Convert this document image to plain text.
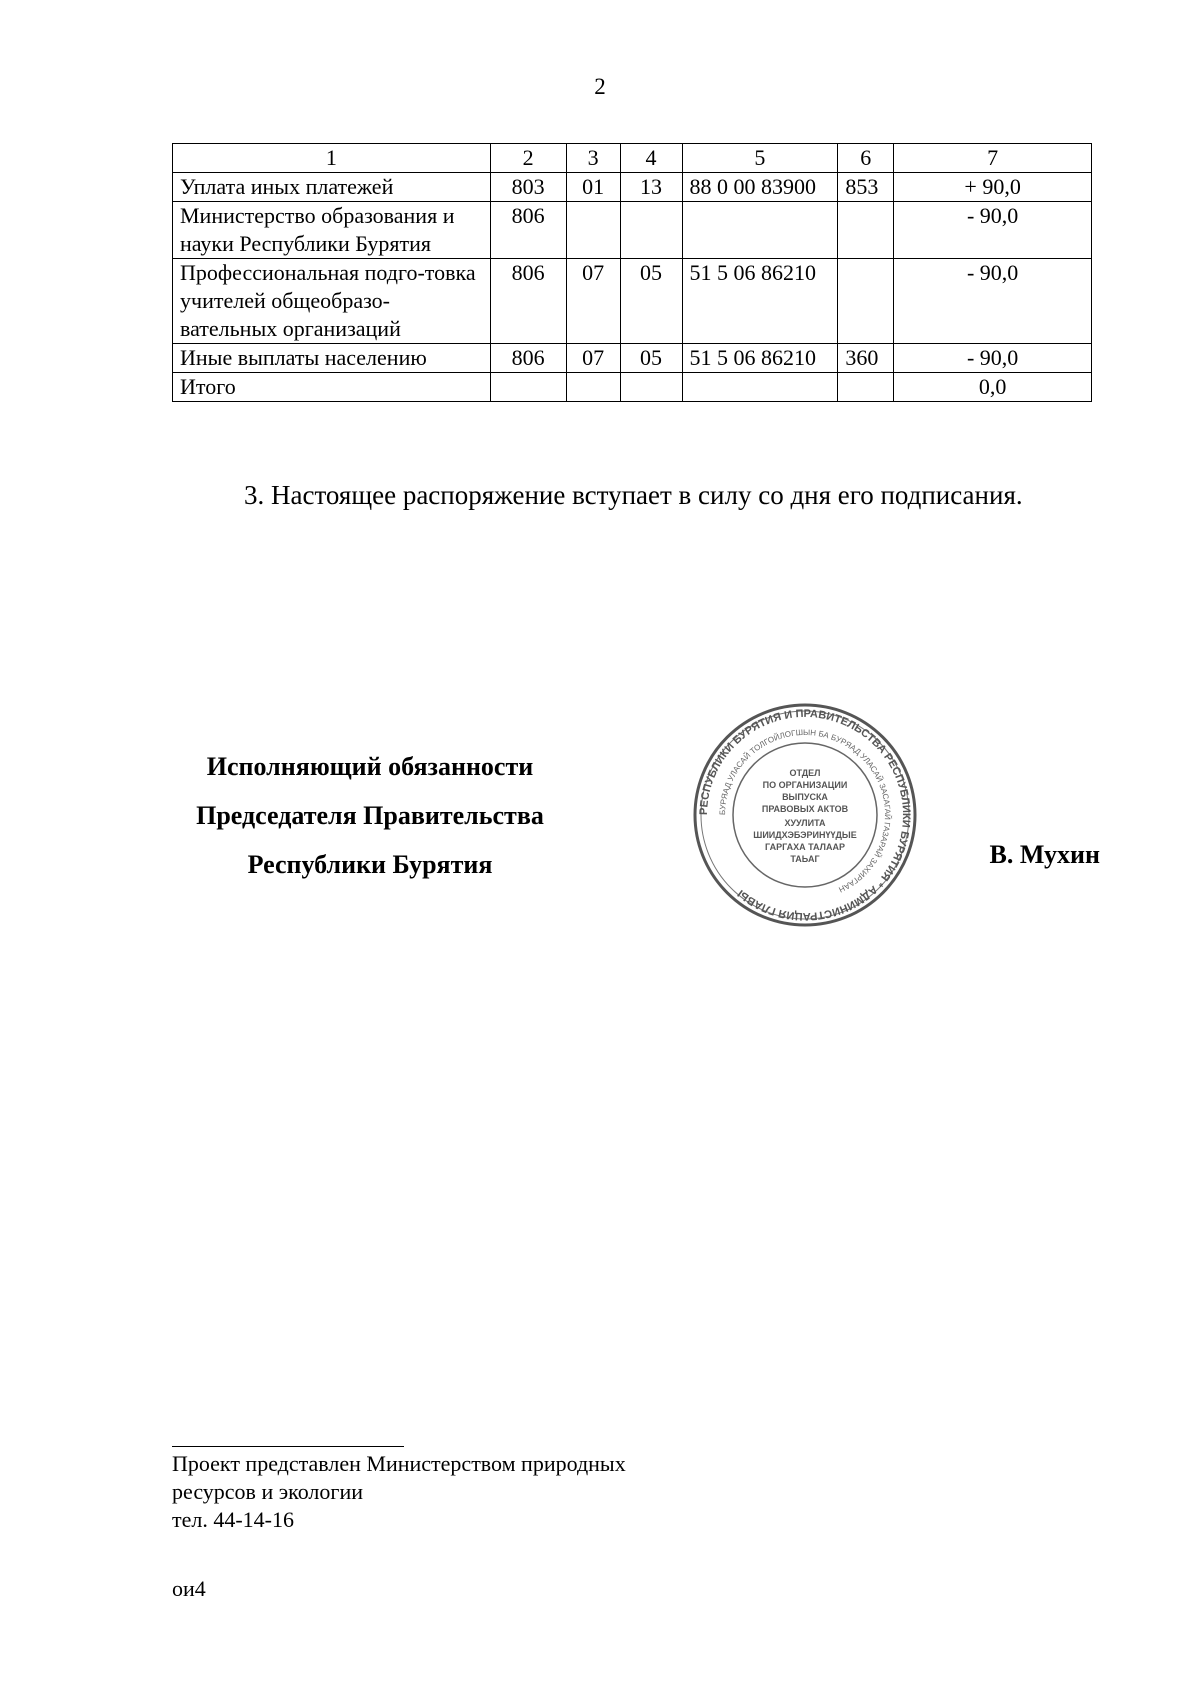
2
1	2	3	4	5	6	7
Уплата иных платежей	803	01	13	88 0 00 83900	853	+ 90,0
Министерство образования и науки Республики Бурятия	806					- 90,0
Профессиональная подго-товка учителей общеобразо-вательных организаций	806	07	05	51 5 06 86210		- 90,0
Иные выплаты населению	806	07	05	51 5 06 86210	360	- 90,0
Итого						0,0
3. Настоящее распоряжение вступает в силу со дня его подписания.
Исполняющий обязанности
Председателя Правительства
Республики Бурятия
РЕСПУБЛИКИ БУРЯТИЯ И ПРАВИТЕЛЬСТВА РЕСПУБЛИКИ БУРЯТИЯ * АДМИНИСТРАЦИЯ ГЛАВЫ
БУРЯАД УЛАСАЙ ТОЛГОЙЛОГШЫН БА БУРЯАД УЛАСАЙ ЗАСАГАЙ ГАЗАРАЙ ЗАХИРГААН
ОТДЕЛ
ПО ОРГАНИЗАЦИИ
ВЫПУСКА
ПРАВОВЫХ АКТОВ
ХУУЛИТА
ШИИДХЭБЭРИНҮҮДЫЕ
ГАРГАХА ТАЛААР
ТАЬАГ	В. Мухин
Проект представлен Министерством природных
ресурсов и экологии
тел. 44-14-16
ои4
